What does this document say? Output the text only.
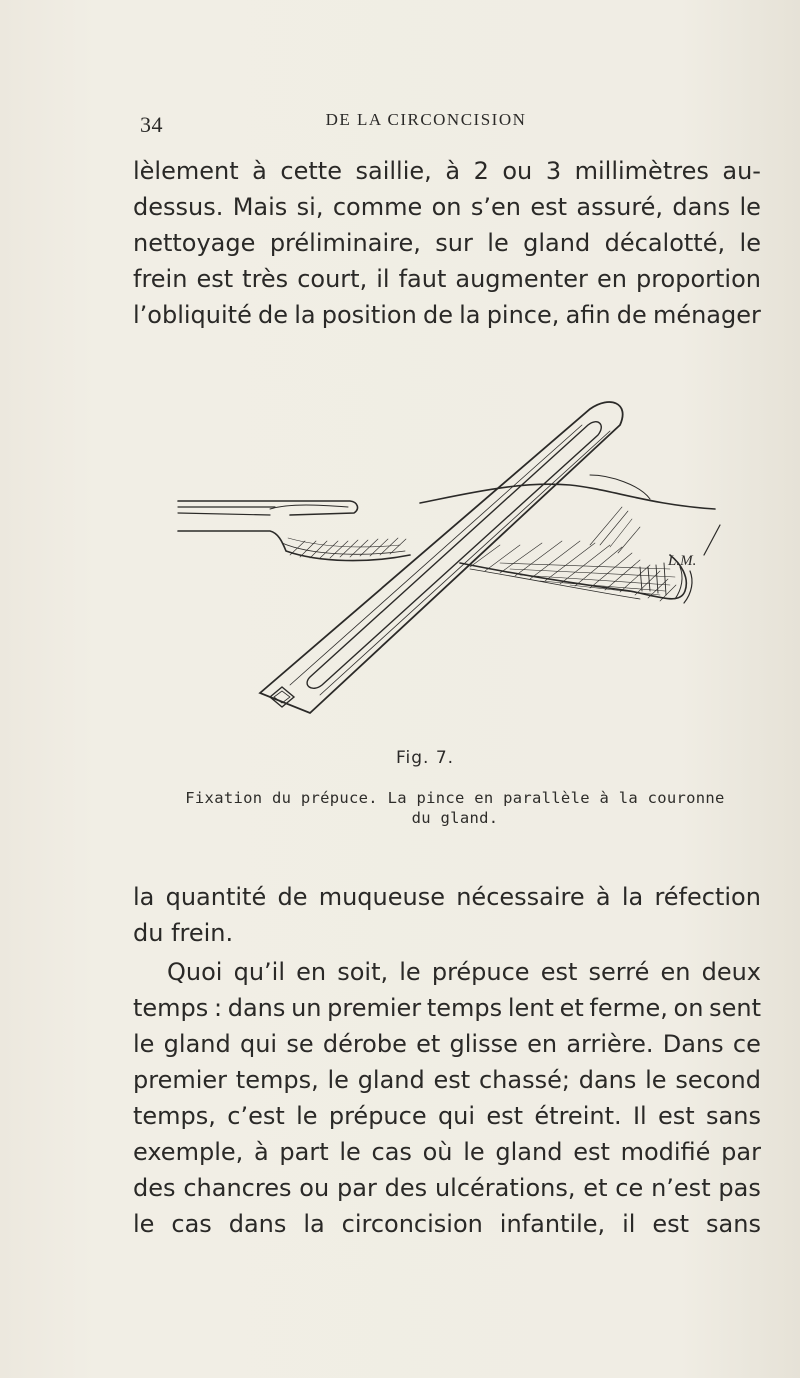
34	DE LA CIRCONCISION
lèlement à cette saillie, à 2 ou 3 millimètres au-
dessus. Mais si, comme on s’en est assuré, dans le
nettoyage préliminaire, sur le gland décalotté, le
frein est très court, il faut augmenter en proportion
l’obliquité de la position de la pince, afin de ménager
L.M.
Fig. 7.
Fixation du prépuce. La pince en parallèle à la couronne
du gland.
la quantité de muqueuse nécessaire à la réfection
du frein.
Quoi qu’il en soit, le prépuce est serré en deux
temps : dans un premier temps lent et ferme, on sent
le gland qui se dérobe et glisse en arrière. Dans ce
premier temps, le gland est chassé; dans le second
temps, c’est le prépuce qui est étreint. Il est sans
exemple, à part le cas où le gland est modifié par
des chancres ou par des ulcérations, et ce n’est pas
le cas dans la circoncision infantile, il est sans
